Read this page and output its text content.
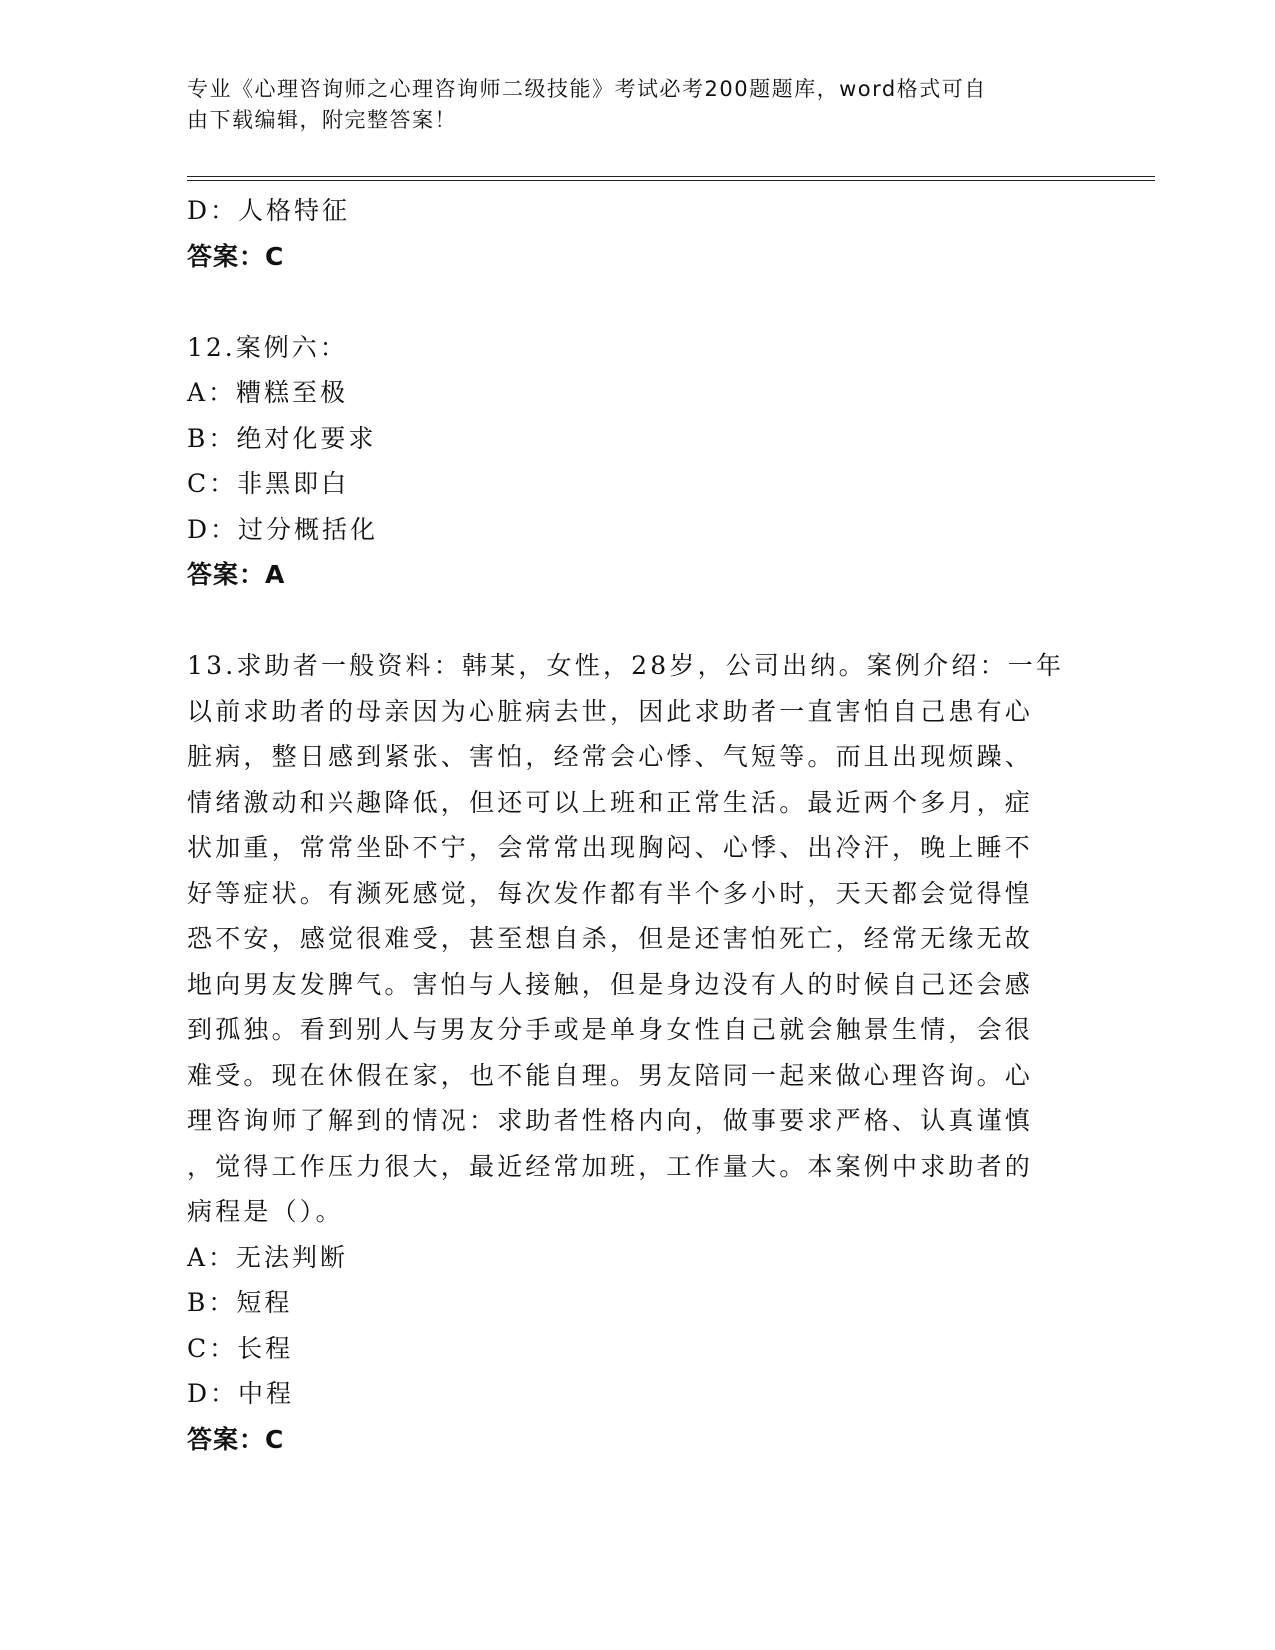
专业《心理咨询师之心理咨询师二级技能》考试必考200题题库，word格式可自
由下载编辑，附完整答案！
D：人格特征
答案：C
12.案例六：
A：糟糕至极
B：绝对化要求
C：非黑即白
D：过分概括化
答案：A
13.求助者一般资料：韩某，女性，28岁，公司出纳。案例介绍：一年
以前求助者的母亲因为心脏病去世，因此求助者一直害怕自己患有心
脏病，整日感到紧张、害怕，经常会心悸、气短等。而且出现烦躁、
情绪激动和兴趣降低，但还可以上班和正常生活。最近两个多月，症
状加重，常常坐卧不宁，会常常出现胸闷、心悸、出冷汗，晚上睡不
好等症状。有濒死感觉，每次发作都有半个多小时，天天都会觉得惶
恐不安，感觉很难受，甚至想自杀，但是还害怕死亡，经常无缘无故
地向男友发脾气。害怕与人接触，但是身边没有人的时候自己还会感
到孤独。看到别人与男友分手或是单身女性自己就会触景生情，会很
难受。现在休假在家，也不能自理。男友陪同一起来做心理咨询。心
理咨询师了解到的情况：求助者性格内向，做事要求严格、认真谨慎
，觉得工作压力很大，最近经常加班，工作量大。本案例中求助者的
病程是（）。
A：无法判断
B：短程
C：长程
D：中程
答案：C
